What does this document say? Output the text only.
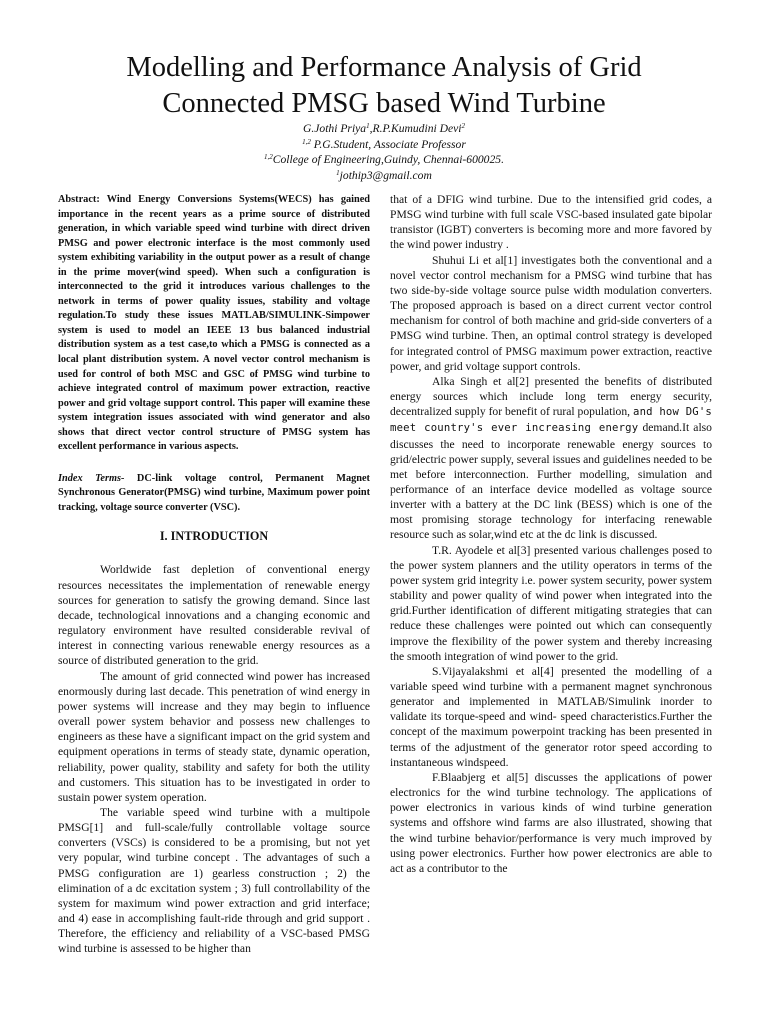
Modelling and Performance Analysis of Grid
Connected PMSG based Wind Turbine
G.Jothi Priya$^1$,R.P.Kumudini Devi$^2$
$^{1,2}$ P.G.Student, Associate Professor
$^{1,2}$College of Engineering,Guindy, Chennai-600025.
$^1$jothip3@gmail.com
Abstract: Wind Energy Conversions Systems(WECS) has gained importance in the recent years as a prime source of distributed generation, in which variable speed wind turbine with direct driven PMSG and power electronic interface is the most commonly used system exhibiting variability in the output power as a result of change in the prime mover(wind speed). When such a configuration is interconnected to the grid it introduces various challenges to the network in terms of power quality issues, stability and voltage regulation.To study these issues MATLAB/SIMULINK-Simpower system is used to model an IEEE 13 bus balanced industrial distribution system as a test case,to which a PMSG is connected as a local plant distribution system. A novel vector control mechanism is used for control of both MSC and GSC of PMSG wind turbine to achieve integrated control of maximum power extraction, reactive power and grid voltage support control. This paper will examine these system integration issues associated with wind generator and also shows that direct vector control structure of PMSG system has excellent performance in various aspects.
Index Terms- DC-link voltage control, Permanent Magnet Synchronous Generator(PMSG) wind turbine, Maximum power point tracking, voltage source converter (VSC).
I. INTRODUCTION

Worldwide fast depletion of conventional energy resources necessitates the implementation of renewable energy sources for generation to satisfy the growing demand. Since last decade, technological innovations and a changing economic and regulatory environment have resulted considerable revival of interest in connecting various renewable energy resources as a source of distributed generation to the grid.

The amount of grid connected wind power has increased enormously during last decade. This penetration of wind energy in power systems will increase and they may begin to influence overall power system behavior and possess new challenges to engineers as these have a significant impact on the grid system and equipment operations in terms of steady state, dynamic operation, reliability, power quality, stability and safety for both the utility and customers. This situation has to be investigated in order to sustain power system operation.

The variable speed wind turbine with a multipole PMSG[1] and full-scale/fully controllable voltage source converters (VSCs) is considered to be a promising, but not yet very popular, wind turbine concept . The advantages of such a PMSG configuration are 1) gearless construction ; 2) the elimination of a dc excitation system ; 3) full controllability of the system for maximum wind power extraction and grid interface; and 4) ease in accomplishing fault-ride through and grid support . Therefore, the efficiency and reliability of a VSC-based PMSG wind turbine is assessed to be higher than

that of a DFIG wind turbine. Due to the intensified grid codes, a PMSG wind turbine with full scale VSC-based insulated gate bipolar transistor (IGBT) converters is becoming more and more favored by the wind power industry .

Shuhui Li et al[1] investigates both the conventional and a novel vector control mechanism for a PMSG wind turbine that has two side-by-side voltage source pulse width modulation converters. The proposed approach is based on a direct current vector control mechanism for control of both machine and grid-side converters of a PMSG wind turbine. Then, an optimal control strategy is developed for integrated control of PMSG maximum power extraction, reactive power, and grid voltage support controls.

Alka Singh et al[2] presented the benefits of distributed energy sources which include long term energy security, decentralized supply for benefit of rural population, and how DG's meet country's ever increasing energy demand.It also discusses the need to incorporate renewable energy sources to grid/electric power supply, several issues and guidelines needed to be met before interconnection. Further modelling, simulation and performance of an interface device modelled as voltage source inverter with a battery at the DC link (BESS) which is one of the most promising storage technology for interfacing renewable resource such as solar,wind etc at the dc link is discussed.

T.R. Ayodele et al[3] presented various challenges posed to the power system planners and the utility operators in terms of the power system grid integrity i.e. power system security, power system stability and power quality of wind power when integrated into the grid.Further identification of different mitigating strategies that can reduce these challenges were pointed out which can consequently improve the flexibility of the power system and thereby increasing the smooth integration of wind power to the grid.

S.Vijayalakshmi et al[4] presented the modelling of a variable speed wind turbine with a permanent magnet synchronous generator and implemented in MATLAB/Simulink inorder to validate its torque-speed and wind- speed characteristics.Further the concept of the maximum powerpoint tracking has been presented in terms of the adjustment of the generator rotor speed according to instantaneous windspeed.

F.Blaabjerg et al[5] discusses the applications of power electronics for the wind turbine technology. The applications of power electronics in various kinds of wind turbine generation systems and offshore wind farms are also illustrated, showing that the wind turbine behavior/performance is very much improved by using power electronics. Further how power electronics are able to act as a contributor to the
